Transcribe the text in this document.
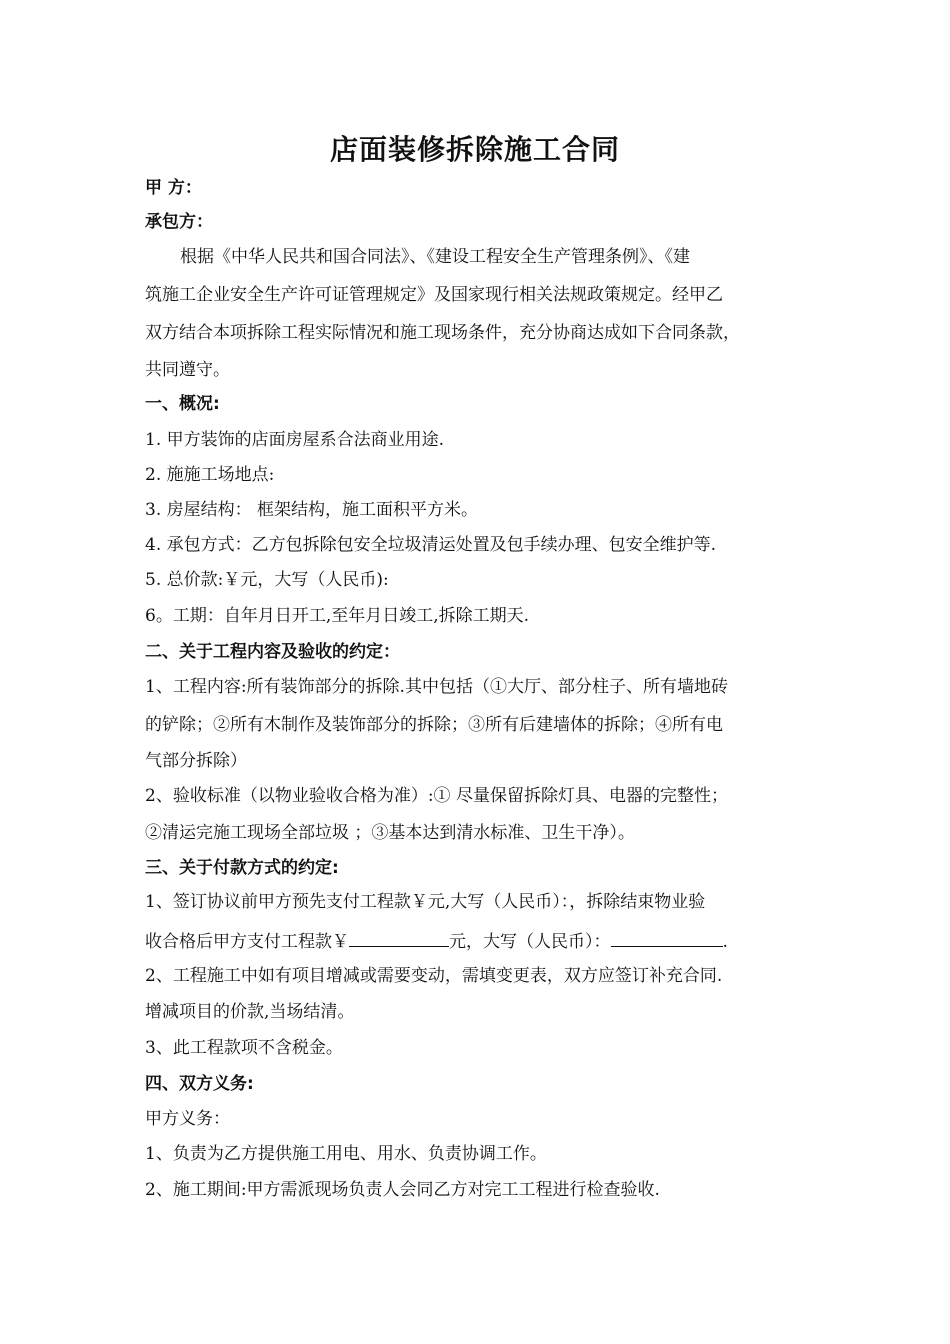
店面装修拆除施工合同
甲 方：
承包方：
根据《中华人民共和国合同法》、《建设工程安全生产管理条例》、《建
筑施工企业安全生产许可证管理规定》及国家现行相关法规政策规定。经甲乙
双方结合本项拆除工程实际情况和施工现场条件，充分协商达成如下合同条款，
共同遵守。
一、概况:
1. 甲方装饰的店面房屋系合法商业用途.
2. 施施工场地点:
3. 房屋结构： 框架结构，施工面积平方米。
4. 承包方式：乙方包拆除包安全垃圾清运处置及包手续办理、包安全维护等.
5. 总价款:￥元，大写（人民币):
6。工期：自年月日开工,至年月日竣工,拆除工期天.
二、关于工程内容及验收的约定：
1、工程内容:所有装饰部分的拆除.其中包括（①大厅、部分柱子、所有墙地砖
的铲除；②所有木制作及装饰部分的拆除；③所有后建墙体的拆除；④所有电
气部分拆除）
2、验收标准（以物业验收合格为准）:① 尽量保留拆除灯具、电器的完整性；
②清运完施工现场全部垃圾 ；③基本达到清水标准、卫生干净）。
三、关于付款方式的约定:
1、签订协议前甲方预先支付工程款￥元,大写（人民币）：，拆除结束物业验
收合格后甲方支付工程款￥	元，大写（人民币）：	.
2、工程施工中如有项目增减或需要变动，需填变更表，双方应签订补充合同.
增减项目的价款,当场结清。
3、此工程款项不含税金。
四、双方义务:
甲方义务：
1、负责为乙方提供施工用电、用水、负责协调工作。
2、施工期间:甲方需派现场负责人会同乙方对完工工程进行检查验收.
